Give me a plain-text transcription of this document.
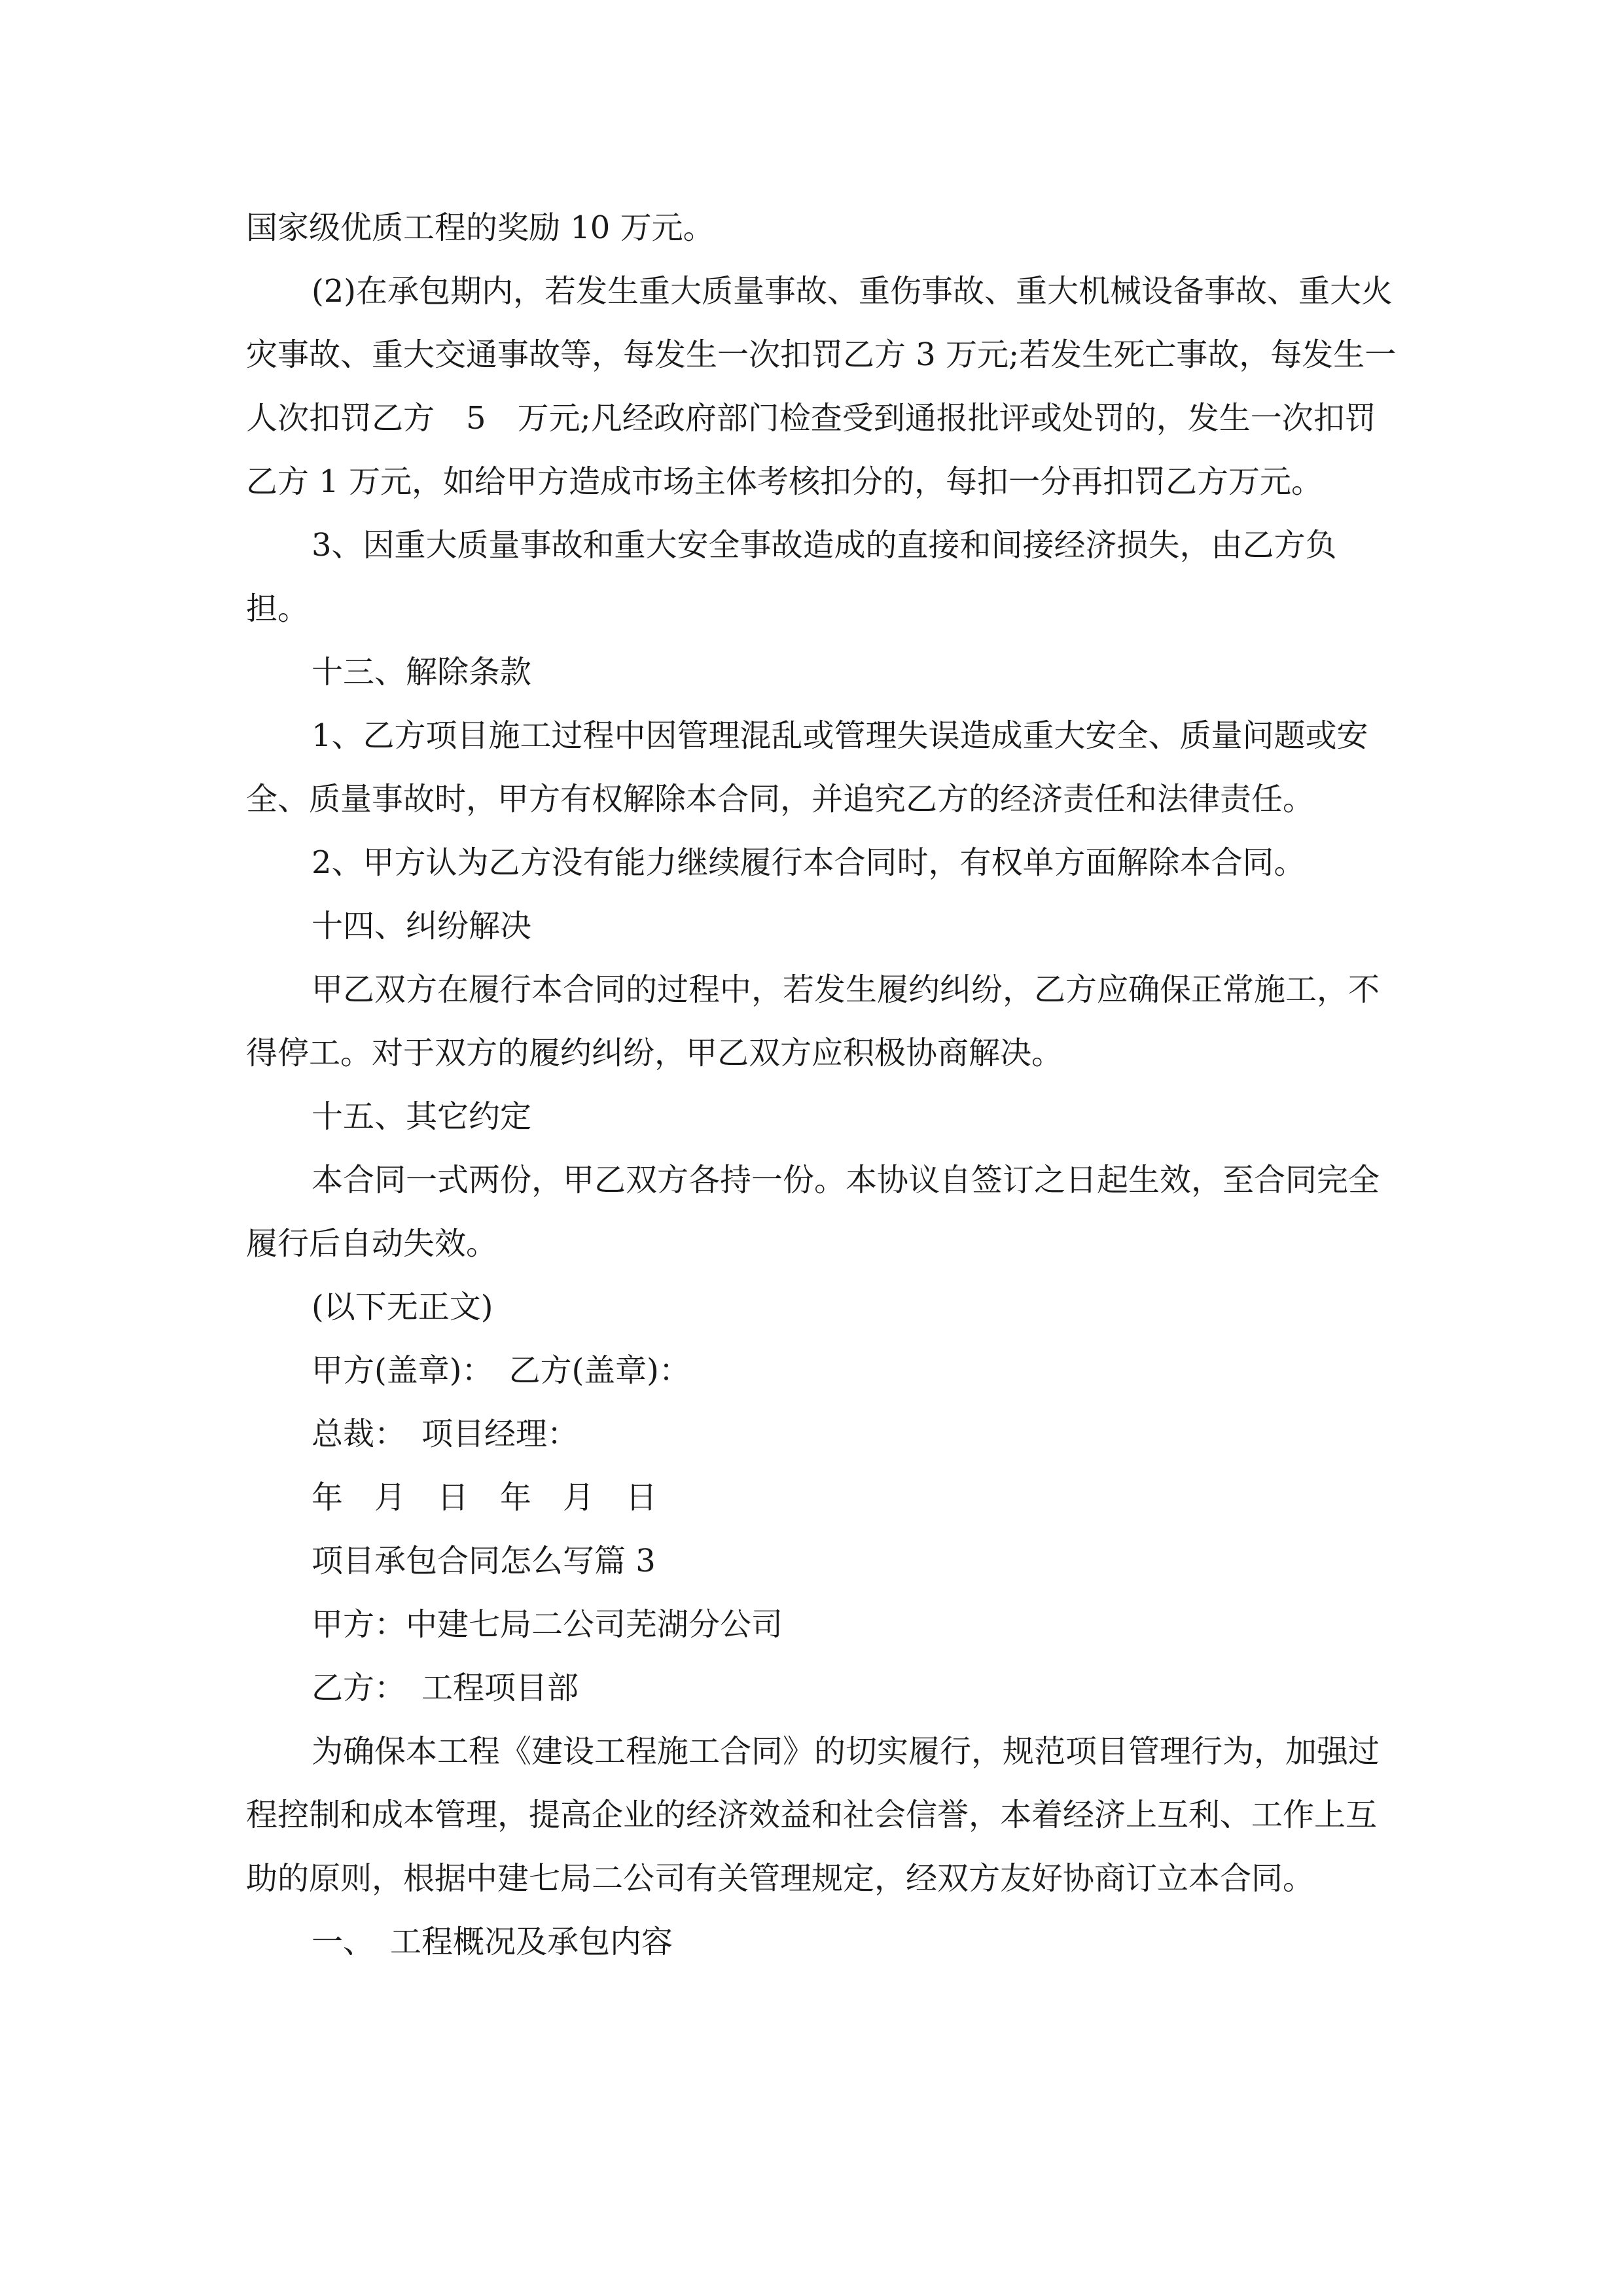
国家级优质工程的奖励 10 万元。

(2)在承包期内，若发生重大质量事故、重伤事故、重大机械设备事故、重大火灾事故、重大交通事故等，每发生一次扣罚乙方 3 万元;若发生死亡事故，每发生一人次扣罚乙方　5　万元;凡经政府部门检查受到通报批评或处罚的，发生一次扣罚乙方 1 万元，如给甲方造成市场主体考核扣分的，每扣一分再扣罚乙方万元。

3、因重大质量事故和重大安全事故造成的直接和间接经济损失，由乙方负担。

十三、解除条款

1、乙方项目施工过程中因管理混乱或管理失误造成重大安全、质量问题或安全、质量事故时，甲方有权解除本合同，并追究乙方的经济责任和法律责任。

2、甲方认为乙方没有能力继续履行本合同时，有权单方面解除本合同。

十四、纠纷解决

甲乙双方在履行本合同的过程中，若发生履约纠纷，乙方应确保正常施工，不得停工。对于双方的履约纠纷，甲乙双方应积极协商解决。

十五、其它约定

本合同一式两份，甲乙双方各持一份。本协议自签订之日起生效，至合同完全履行后自动失效。

(以下无正文)

甲方(盖章)：　乙方(盖章)：

总裁：　项目经理：

年　月　日　年　月　日

项目承包合同怎么写篇 3

甲方：中建七局二公司芜湖分公司

乙方：　工程项目部

为确保本工程《建设工程施工合同》的切实履行，规范项目管理行为，加强过程控制和成本管理，提高企业的经济效益和社会信誉，本着经济上互利、工作上互助的原则，根据中建七局二公司有关管理规定，经双方友好协商订立本合同。

一、　工程概况及承包内容
